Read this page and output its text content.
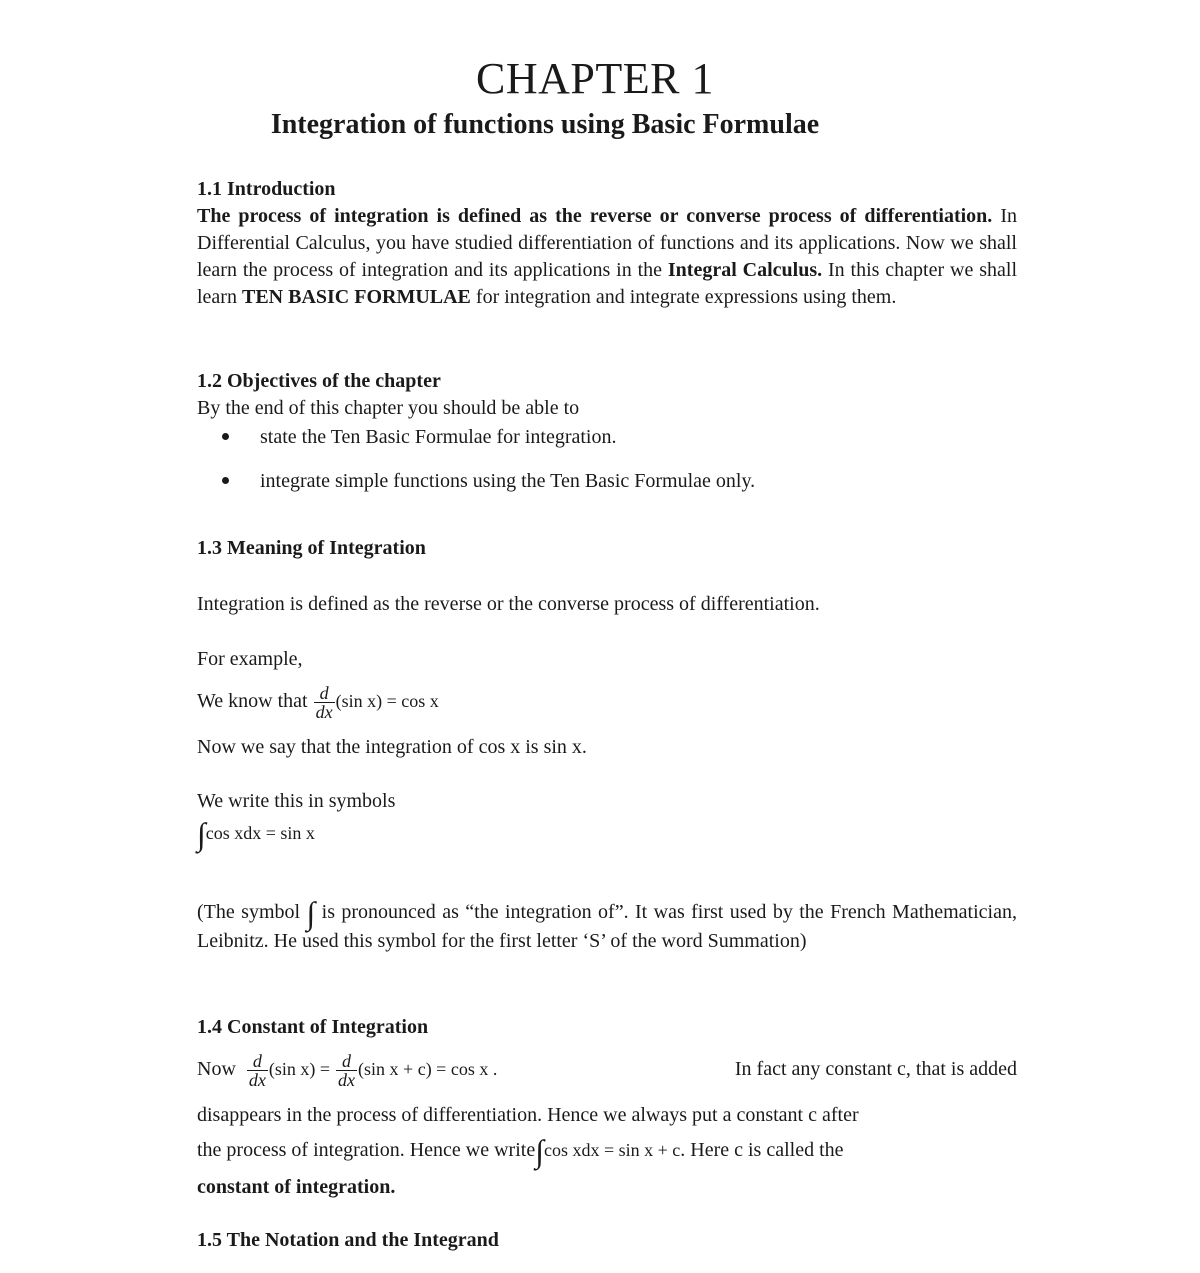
CHAPTER 1
Integration of functions using Basic Formulae
1.1 Introduction

The process of integration is defined as the reverse or converse process of differentiation. In Differential Calculus, you have studied differentiation of functions and its applications. Now we shall learn the process of integration and its applications in the Integral Calculus. In this chapter we shall learn TEN BASIC FORMULAE for integration and integrate expressions using them.

1.2 Objectives of the chapter
By the end of this chapter you should be able to
state the Ten Basic Formulae for integration.
integrate simple functions using the Ten Basic Formulae only.
1.3 Meaning of Integration
Integration is defined as the reverse or the converse process of differentiation.
For example,
We know that $\frac{d}{dx} (\sin$ x) = cos x
Now we say that the integration of cos x is sin x.
We write this in symbols
∫cos xdx = sin x

(The symbol ∫ is pronounced as “the integration of”. It was first used by the French Mathematician, Leibnitz. He used this symbol for the first letter ‘S’ of the word Summation)

1.4 Constant of Integration
Now $\frac{d}{dx} (\sin$ $x) = \frac{d}{dx} (\sin$ x + c) = cos x .	In fact any constant c, that is added
disappears in the process of differentiation. Hence we always put a constant c after
the process of integration. Hence we write∫cos xdx = sin x + c. Here c is called the
constant of integration.
1.5 The Notation and the Integrand
